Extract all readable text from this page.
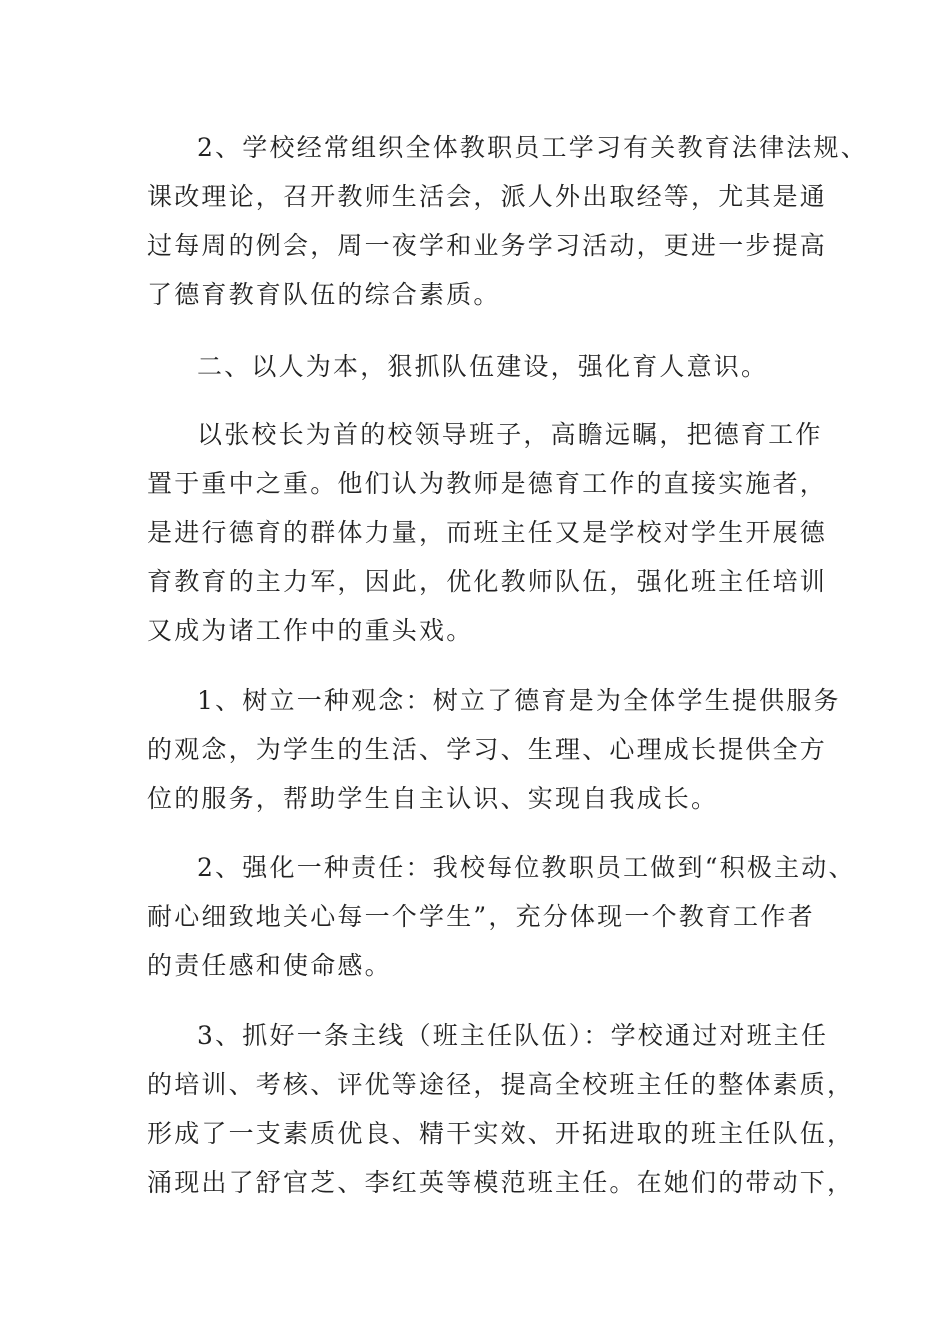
2、学校经常组织全体教职员工学习有关教育法律法规、
课改理论，召开教师生活会，派人外出取经等，尤其是通
过每周的例会，周一夜学和业务学习活动，更进一步提高
了德育教育队伍的综合素质。
二、以人为本，狠抓队伍建设，强化育人意识。
以张校长为首的校领导班子，高瞻远瞩，把德育工作
置于重中之重。他们认为教师是德育工作的直接实施者，
是进行德育的群体力量，而班主任又是学校对学生开展德
育教育的主力军，因此，优化教师队伍，强化班主任培训
又成为诸工作中的重头戏。
1、树立一种观念：树立了德育是为全体学生提供服务
的观念，为学生的生活、学习、生理、心理成长提供全方
位的服务，帮助学生自主认识、实现自我成长。
2、强化一种责任：我校每位教职员工做到“积极主动、
耐心细致地关心每一个学生”，充分体现一个教育工作者
的责任感和使命感。
3、抓好一条主线（班主任队伍）：学校通过对班主任
的培训、考核、评优等途径，提高全校班主任的整体素质，
形成了一支素质优良、精干实效、开拓进取的班主任队伍，
涌现出了舒官芝、李红英等模范班主任。在她们的带动下，
